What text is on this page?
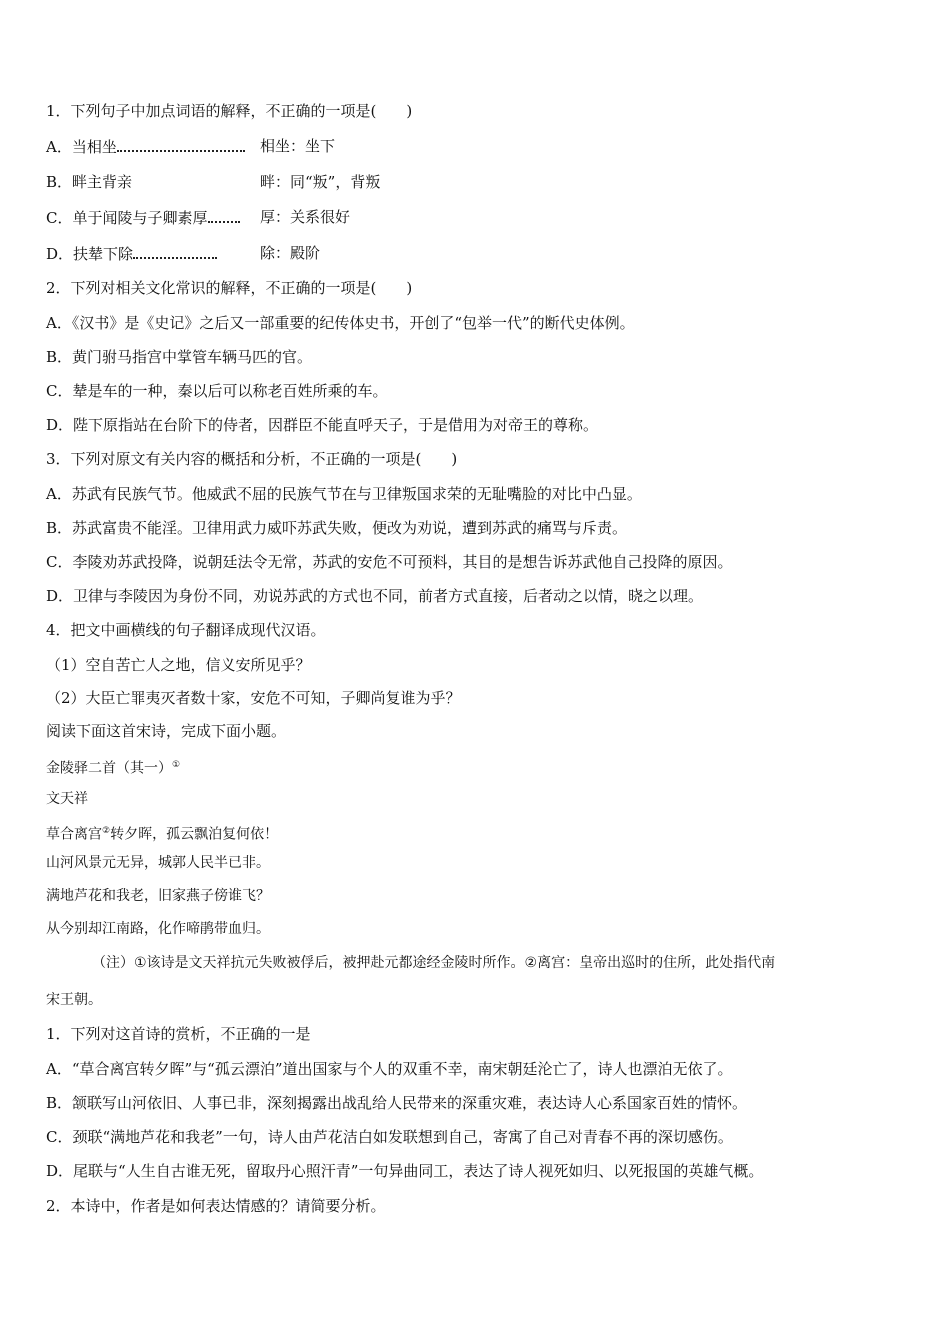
1．下列句子中加点词语的解释，不正确的一项是(　　)
A．当相坐	相坐：坐下
B．畔主背亲	畔：同“叛”，背叛
C．单于闻陵与子卿素厚	厚：关系很好
D．扶辇下除	除：殿阶
2．下列对相关文化常识的解释，不正确的一项是(　　)
A．《汉书》是《史记》之后又一部重要的纪传体史书，开创了“包举一代”的断代史体例。
B．黄门驸马指宫中掌管车辆马匹的官。
C．辇是车的一种，秦以后可以称老百姓所乘的车。
D．陛下原指站在台阶下的侍者，因群臣不能直呼天子，于是借用为对帝王的尊称。
3．下列对原文有关内容的概括和分析，不正确的一项是(　　)
A．苏武有民族气节。他威武不屈的民族气节在与卫律叛国求荣的无耻嘴脸的对比中凸显。
B．苏武富贵不能淫。卫律用武力威吓苏武失败，便改为劝说，遭到苏武的痛骂与斥责。
C．李陵劝苏武投降，说朝廷法令无常，苏武的安危不可预料，其目的是想告诉苏武他自己投降的原因。
D．卫律与李陵因为身份不同，劝说苏武的方式也不同，前者方式直接，后者动之以情，晓之以理。
4．把文中画横线的句子翻译成现代汉语。
（1）空自苦亡人之地，信义安所见乎？
（2）大臣亡罪夷灭者数十家，安危不可知，子卿尚复谁为乎？
阅读下面这首宋诗，完成下面小题。
金陵驿二首（其一）①
文天祥
草合离宫②转夕晖，孤云飘泊复何依！
山河风景元无异，城郭人民半已非。
满地芦花和我老，旧家燕子傍谁飞？
从今别却江南路，化作啼鹃带血归。
（注）①该诗是文天祥抗元失败被俘后，被押赴元都途经金陵时所作。②离宫：皇帝出巡时的住所，此处指代南
宋王朝。
1．下列对这首诗的赏析，不正确的一是
A．“草合离宫转夕晖”与“孤云漂泊”道出国家与个人的双重不幸，南宋朝廷沦亡了，诗人也漂泊无依了。
B．颔联写山河依旧、人事已非，深刻揭露出战乱给人民带来的深重灾难，表达诗人心系国家百姓的情怀。
C．颈联“满地芦花和我老”一句，诗人由芦花洁白如发联想到自己，寄寓了自己对青春不再的深切感伤。
D．尾联与“人生自古谁无死，留取丹心照汗青”一句异曲同工，表达了诗人视死如归、以死报国的英雄气概。
2．本诗中，作者是如何表达情感的？请简要分析。
